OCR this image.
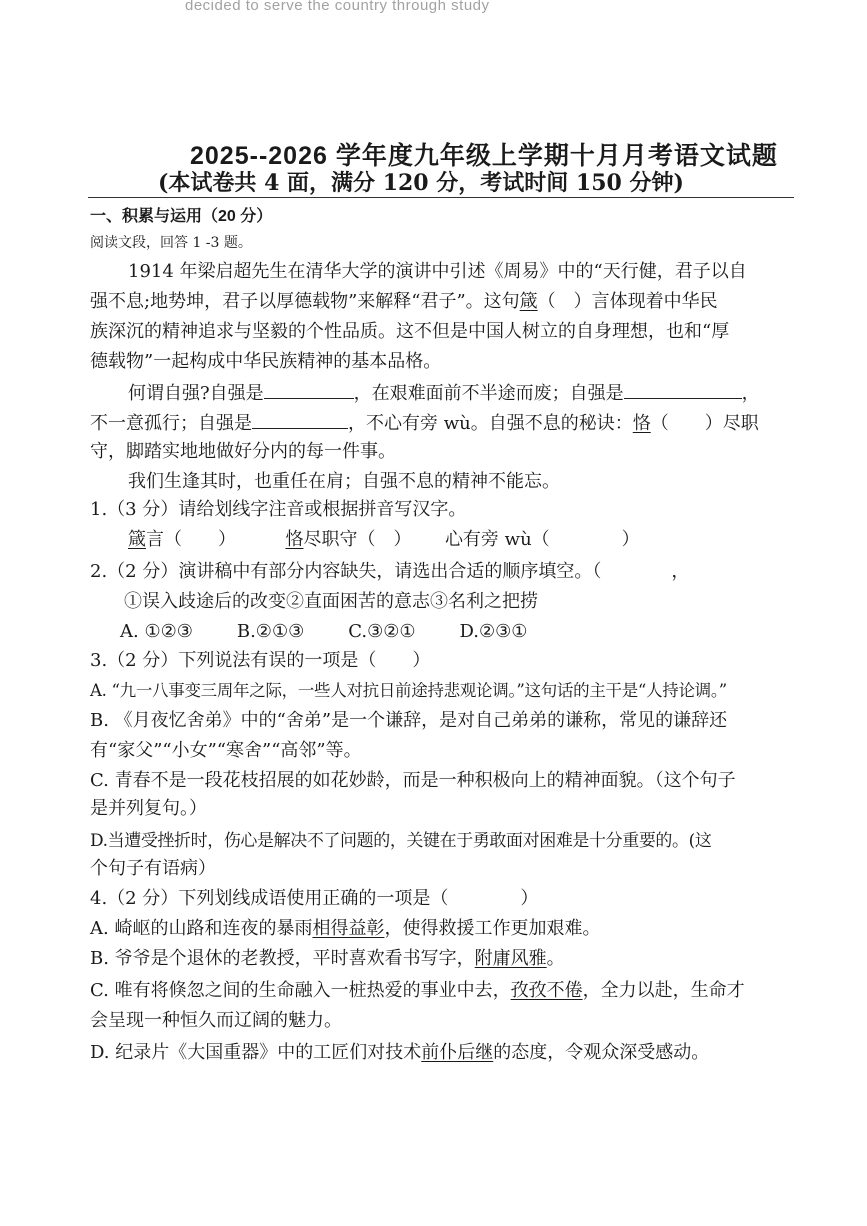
decided to serve the country through study
2025--2026 学年度九年级上学期十月月考语文试题
(本试卷共 4 面，满分 120 分，考试时间 150 分钟)
一、积累与运用（20 分）
阅读文段，回答 1 -3 题。
1914 年梁启超先生在清华大学的演讲中引述《周易》中的“天行健，君子以自
强不息;地势坤，君子以厚德载物”来解释“君子”。这句箴（　）言体现着中华民
族深沉的精神追求与坚毅的个性品质。这不但是中国人树立的自身理想，也和“厚
德载物”一起构成中华民族精神的基本品格。
何谓自强?自强是	，在艰难面前不半途而废；自强是	，
不一意孤行；自强是	，不心有旁 wù。自强不息的秘诀：恪（　　）尽职
守，脚踏实地地做好分内的每一件事。
我们生逢其时，也重任在肩；自强不息的精神不能忘。
1.（3 分）请给划线字注音或根据拼音写汉字。
箴言（　　）	恪尽职守（　） 心有旁 wù（　　　　）
2.（2 分）演讲稿中有部分内容缺失，请选出合适的顺序填空。（	，
①误入歧途后的改变②直面困苦的意志③名利之把捞
A. ①②③ B.②①③ C.③②① D.②③①
3.（2 分）下列说法有误的一项是（　　）
A. “九一八事变三周年之际，一些人对抗日前途持悲观论调。”这句话的主干是“人持论调。”
B. 《月夜忆舍弟》中的“舍弟”是一个谦辞，是对自己弟弟的谦称，常见的谦辞还
有“家父”“小女”“寒舍”“高邻”等。
C. 青春不是一段花枝招展的如花妙龄，而是一种积极向上的精神面貌。（这个句子
是并列复句。）
D.当遭受挫折时，伤心是解决不了问题的，关键在于勇敢面对困难是十分重要的。(这
个句子有语病）
4.（2 分）下列划线成语使用正确的一项是（　　　　）
A. 崎岖的山路和连夜的暴雨相得益彰，使得救援工作更加艰难。
B. 爷爷是个退休的老教授，平时喜欢看书写字，附庸风雅。
C. 唯有将倏忽之间的生命融入一桩热爱的事业中去，孜孜不倦，全力以赴，生命才
会呈现一种恒久而辽阔的魅力。
D. 纪录片《大国重器》中的工匠们对技术前仆后继的态度，令观众深受感动。
